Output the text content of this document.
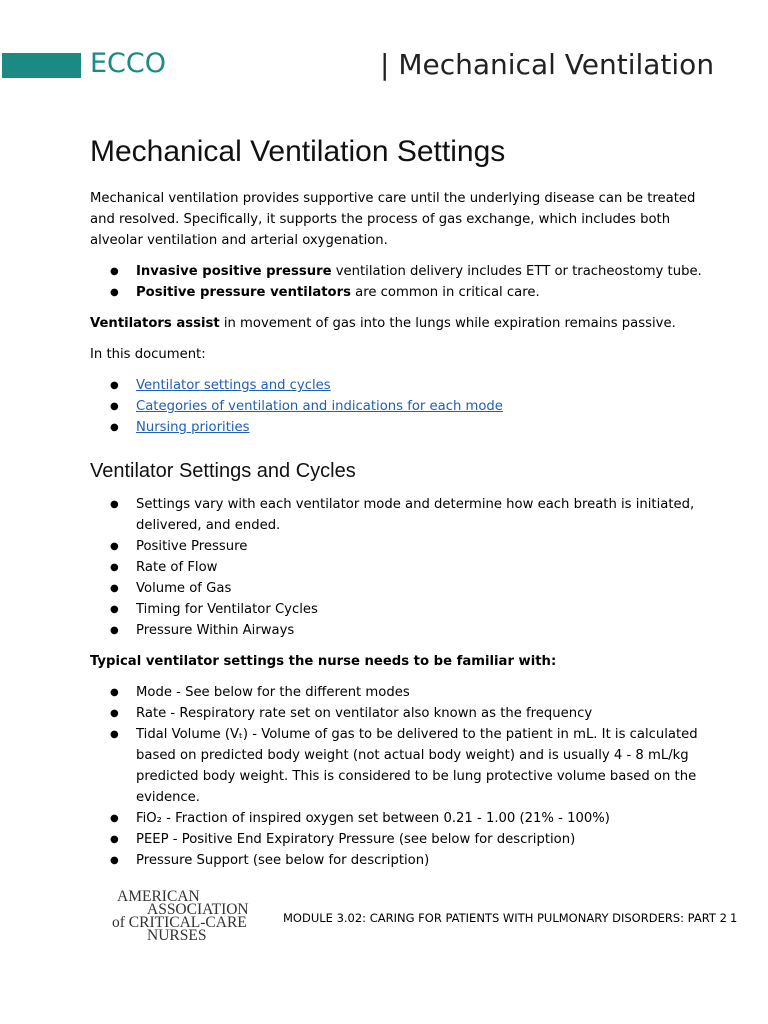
ECCO	| Mechanical Ventilation
Mechanical Ventilation Settings

Mechanical ventilation provides supportive care until the underlying disease can be treated and resolved. Specifically, it supports the process of gas exchange, which includes both alveolar ventilation and arterial oxygenation.

● Invasive positive pressure ventilation delivery includes ETT or tracheostomy tube.
● Positive pressure ventilators are common in critical care.

Ventilators assist in movement of gas into the lungs while expiration remains passive.

In this document:

● Ventilator settings and cycles
● Categories of ventilation and indications for each mode
● Nursing priorities
Ventilator Settings and Cycles
● Settings vary with each ventilator mode and determine how each breath is initiated, delivered, and ended.
● Positive Pressure
● Rate of Flow
● Volume of Gas
● Timing for Ventilator Cycles
● Pressure Within Airways

Typical ventilator settings the nurse needs to be familiar with:

● Mode - See below for the different modes
● Rate - Respiratory rate set on ventilator also known as the frequency
● Tidal Volume (Vₜ) - Volume of gas to be delivered to the patient in mL. It is calculated based on predicted body weight (not actual body weight) and is usually 4 - 8 mL/kg predicted body weight. This is considered to be lung protective volume based on the evidence.
● FiO₂ - Fraction of inspired oxygen set between 0.21 - 1.00 (21% - 100%)
● PEEP - Positive End Expiratory Pressure (see below for description)
● Pressure Support (see below for description)
AMERICAN
ASSOCIATION
of CRITICAL-CARE
NURSES
MODULE 3.02: CARING FOR PATIENTS WITH PULMONARY DISORDERS: PART 2 1
